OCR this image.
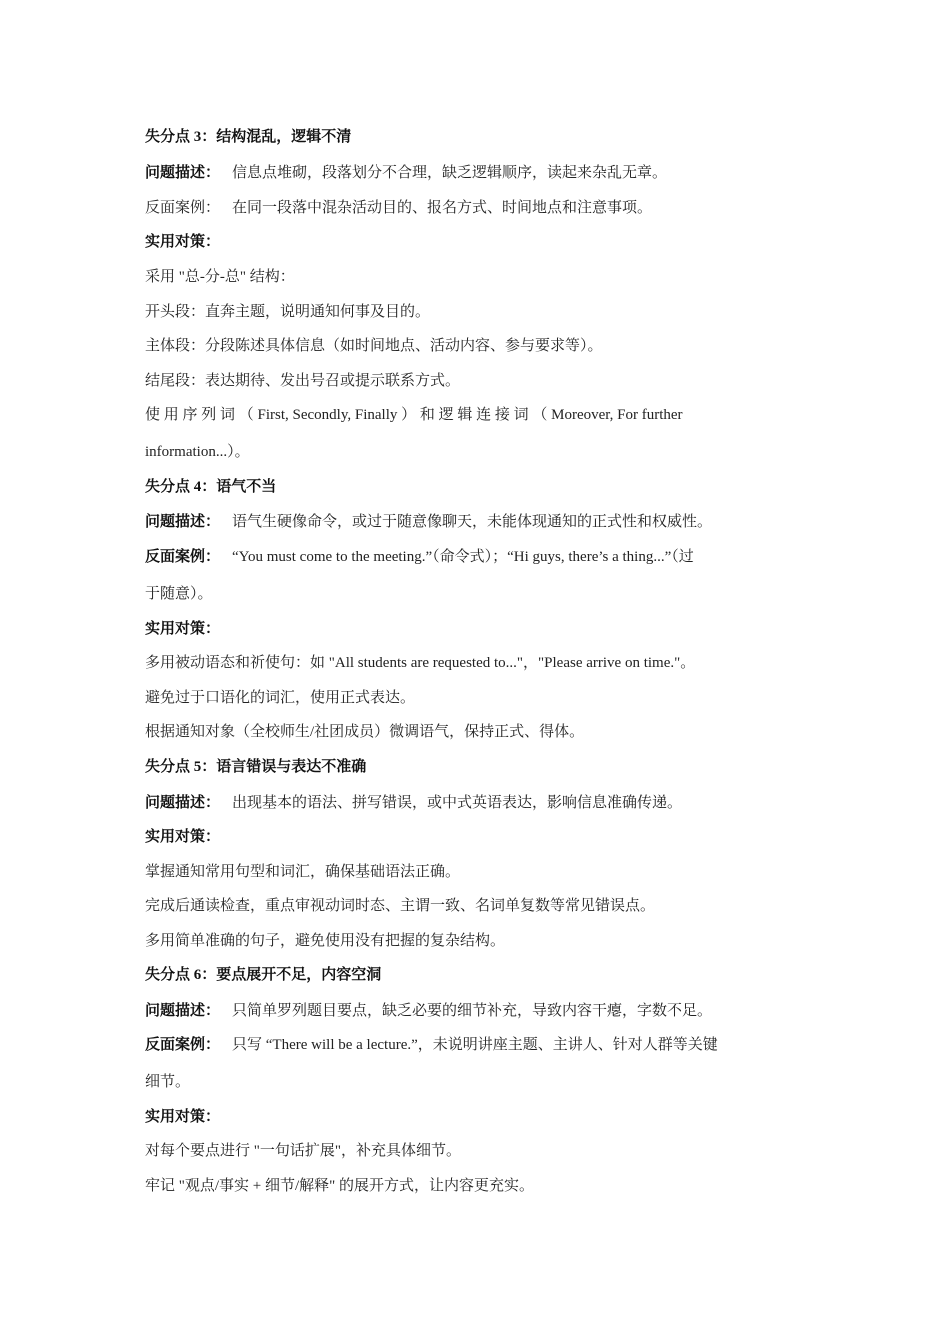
失分点 3：结构混乱，逻辑不清
问题描述： 信息点堆砌，段落划分不合理，缺乏逻辑顺序，读起来杂乱无章。
反面案例： 在同一段落中混杂活动目的、报名方式、时间地点和注意事项。
实用对策：
采用 "总-分-总" 结构：
开头段：直奔主题，说明通知何事及目的。
主体段：分段陈述具体信息（如时间地点、活动内容、参与要求等）。
结尾段：表达期待、发出号召或提示联系方式。
使 用 序 列 词 （ First, Secondly, Finally ） 和 逻 辑 连 接 词 （ Moreover, For further
information...）。
失分点 4：语气不当
问题描述： 语气生硬像命令，或过于随意像聊天，未能体现通知的正式性和权威性。
反面案例： “You must come to the meeting.”（命令式）；“Hi guys, there’s a thing...”（过
于随意）。
实用对策：
多用被动语态和祈使句：如 "All students are requested to..."，"Please arrive on time."。
避免过于口语化的词汇，使用正式表达。
根据通知对象（全校师生/社团成员）微调语气，保持正式、得体。
失分点 5：语言错误与表达不准确
问题描述： 出现基本的语法、拼写错误，或中式英语表达，影响信息准确传递。
实用对策：
掌握通知常用句型和词汇，确保基础语法正确。
完成后通读检查，重点审视动词时态、主谓一致、名词单复数等常见错误点。
多用简单准确的句子，避免使用没有把握的复杂结构。
失分点 6：要点展开不足，内容空洞
问题描述： 只简单罗列题目要点，缺乏必要的细节补充，导致内容干瘪，字数不足。
反面案例： 只写 “There will be a lecture.”，未说明讲座主题、主讲人、针对人群等关键
细节。
实用对策：
对每个要点进行 "一句话扩展"，补充具体细节。
牢记 "观点/事实 + 细节/解释" 的展开方式，让内容更充实。
